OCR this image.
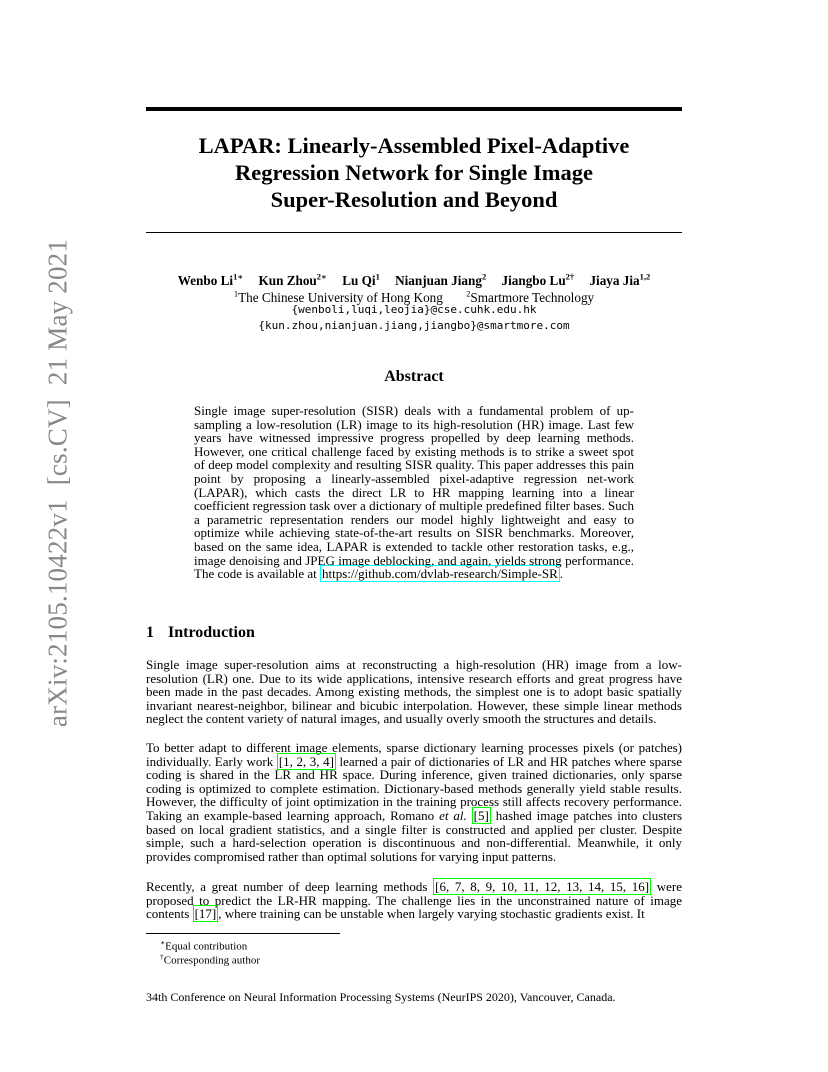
arXiv:2105.10422v1[cs.CV]21 May 2021
LAPAR: Linearly-Assembled Pixel-Adaptive
Regression Network for Single Image
Super-Resolution and Beyond
Wenbo $Li^{1∗}$ Kun Zhou$^{2∗}$ Lu Qi$^1$ Nianjuan Jiang$^2$ Jiangbo $Lu^{2\dagger}$ Jiaya Jia$^{1,2}$
$^1$The Chinese University of Hong Kong	$^2$Smartmore Technology
{wenboli,luqi,leojia}@cse.cuhk.edu.hk
{kun.zhou,nianjuan.jiang,jiangbo}@smartmore.com
Abstract
Single image super-resolution (SISR) deals with a fundamental problem of up-sampling a low-resolution (LR) image to its high-resolution (HR) image. Last few years have witnessed impressive progress propelled by deep learning methods. However, one critical challenge faced by existing methods is to strike a sweet spot of deep model complexity and resulting SISR quality. This paper addresses this pain point by proposing a linearly-assembled pixel-adaptive regression net-work (LAPAR), which casts the direct LR to HR mapping learning into a linear coefficient regression task over a dictionary of multiple predefined filter bases. Such a parametric representation renders our model highly lightweight and easy to optimize while achieving state-of-the-art results on SISR benchmarks. Moreover, based on the same idea, LAPAR is extended to tackle other restoration tasks, e.g., image denoising and JPEG image deblocking, and again, yields strong performance. The code is available at https://github.com/dvlab-research/Simple-SR .
1 Introduction
Single image super-resolution aims at reconstructing a high-resolution (HR) image from a low-resolution (LR) one. Due to its wide applications, intensive research efforts and great progress have been made in the past decades. Among existing methods, the simplest one is to adopt basic spatially invariant nearest-neighbor, bilinear and bicubic interpolation. However, these simple linear methods neglect the content variety of natural images, and usually overly smooth the structures and details.
To better adapt to different image elements, sparse dictionary learning processes pixels (or patches) individually. Early work [1, 2, 3, 4] learned a pair of dictionaries of LR and HR patches where sparse coding is shared in the LR and HR space. During inference, given trained dictionaries, only sparse coding is optimized to complete estimation. Dictionary-based methods generally yield stable results. However, the difficulty of joint optimization in the training process still affects recovery performance. Taking an example-based learning approach, Romano et al. [5] hashed image patches into clusters based on local gradient statistics, and a single filter is constructed and applied per cluster. Despite simple, such a hard-selection operation is discontinuous and non-differential. Meanwhile, it only provides compromised rather than optimal solutions for varying input patterns.
Recently, a great number of deep learning methods [6, 7, 8, 9, 10, 11, 12, 13, 14, 15, 16] were proposed to predict the LR-HR mapping. The challenge lies in the unconstrained nature of image contents [17] , where training can be unstable when largely varying stochastic gradients exist. It
∗Equal contribution
†Corresponding author
34th Conference on Neural Information Processing Systems (NeurIPS 2020), Vancouver, Canada.
